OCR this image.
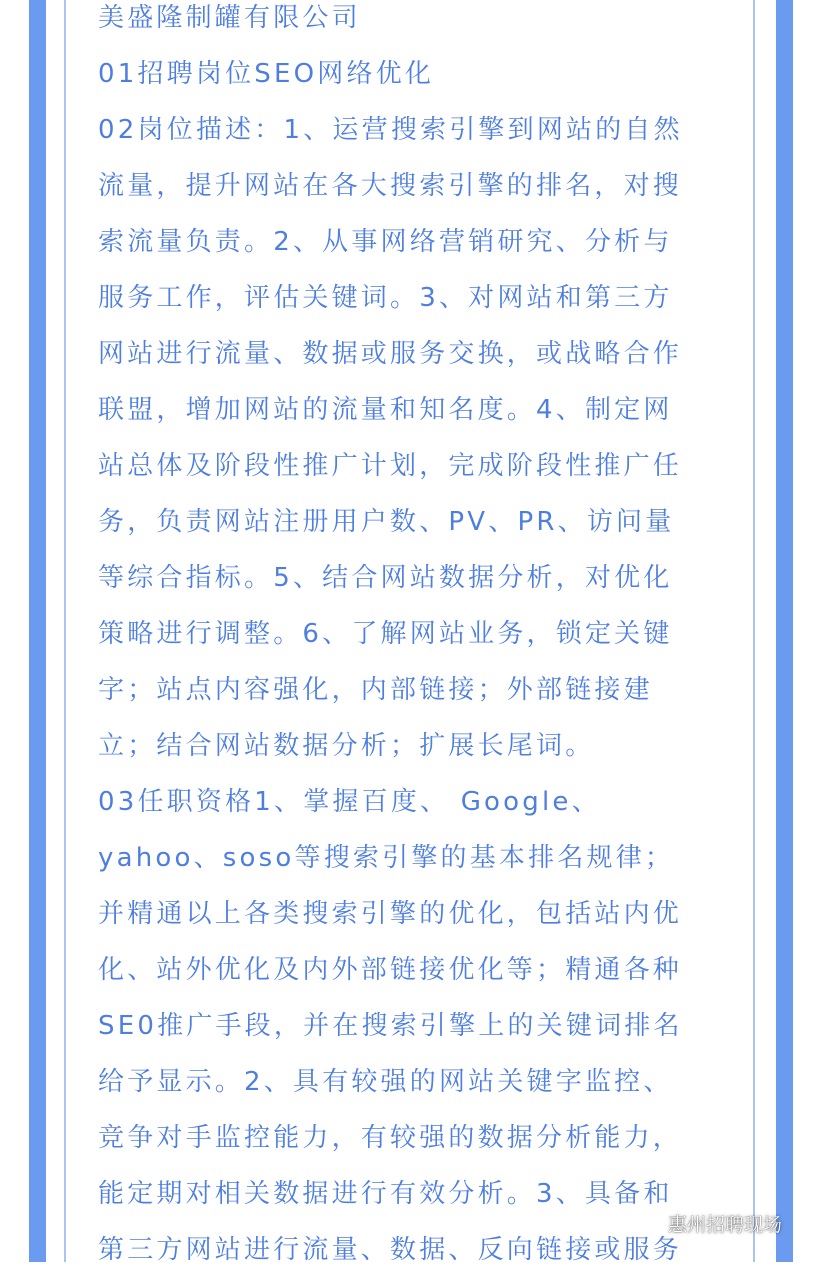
美盛隆制罐有限公司
01招聘岗位SEO网络优化
02岗位描述：1、运营搜索引擎到网站的自然
流量，提升网站在各大搜索引擎的排名，对搜
索流量负责。2、从事网络营销研究、分析与
服务工作，评估关键词。3、对网站和第三方
网站进行流量、数据或服务交换，或战略合作
联盟，增加网站的流量和知名度。4、制定网
站总体及阶段性推广计划，完成阶段性推广任
务，负责网站注册用户数、PV、PR、访问量
等综合指标。5、结合网站数据分析，对优化
策略进行调整。6、了解网站业务，锁定关键
字；站点内容强化，内部链接；外部链接建
立；结合网站数据分析；扩展长尾词。
03任职资格1、掌握百度、 Google、
yahoo、soso等搜索引擎的基本排名规律；
并精通以上各类搜索引擎的优化，包括站内优
化、站外优化及内外部链接优化等；精通各种
SE0推广手段，并在搜索引擎上的关键词排名
给予显示。2、具有较强的网站关键字监控、
竞争对手监控能力，有较强的数据分析能力，
能定期对相关数据进行有效分析。3、具备和
第三方网站进行流量、数据、反向链接或服务
惠州招聘现场
